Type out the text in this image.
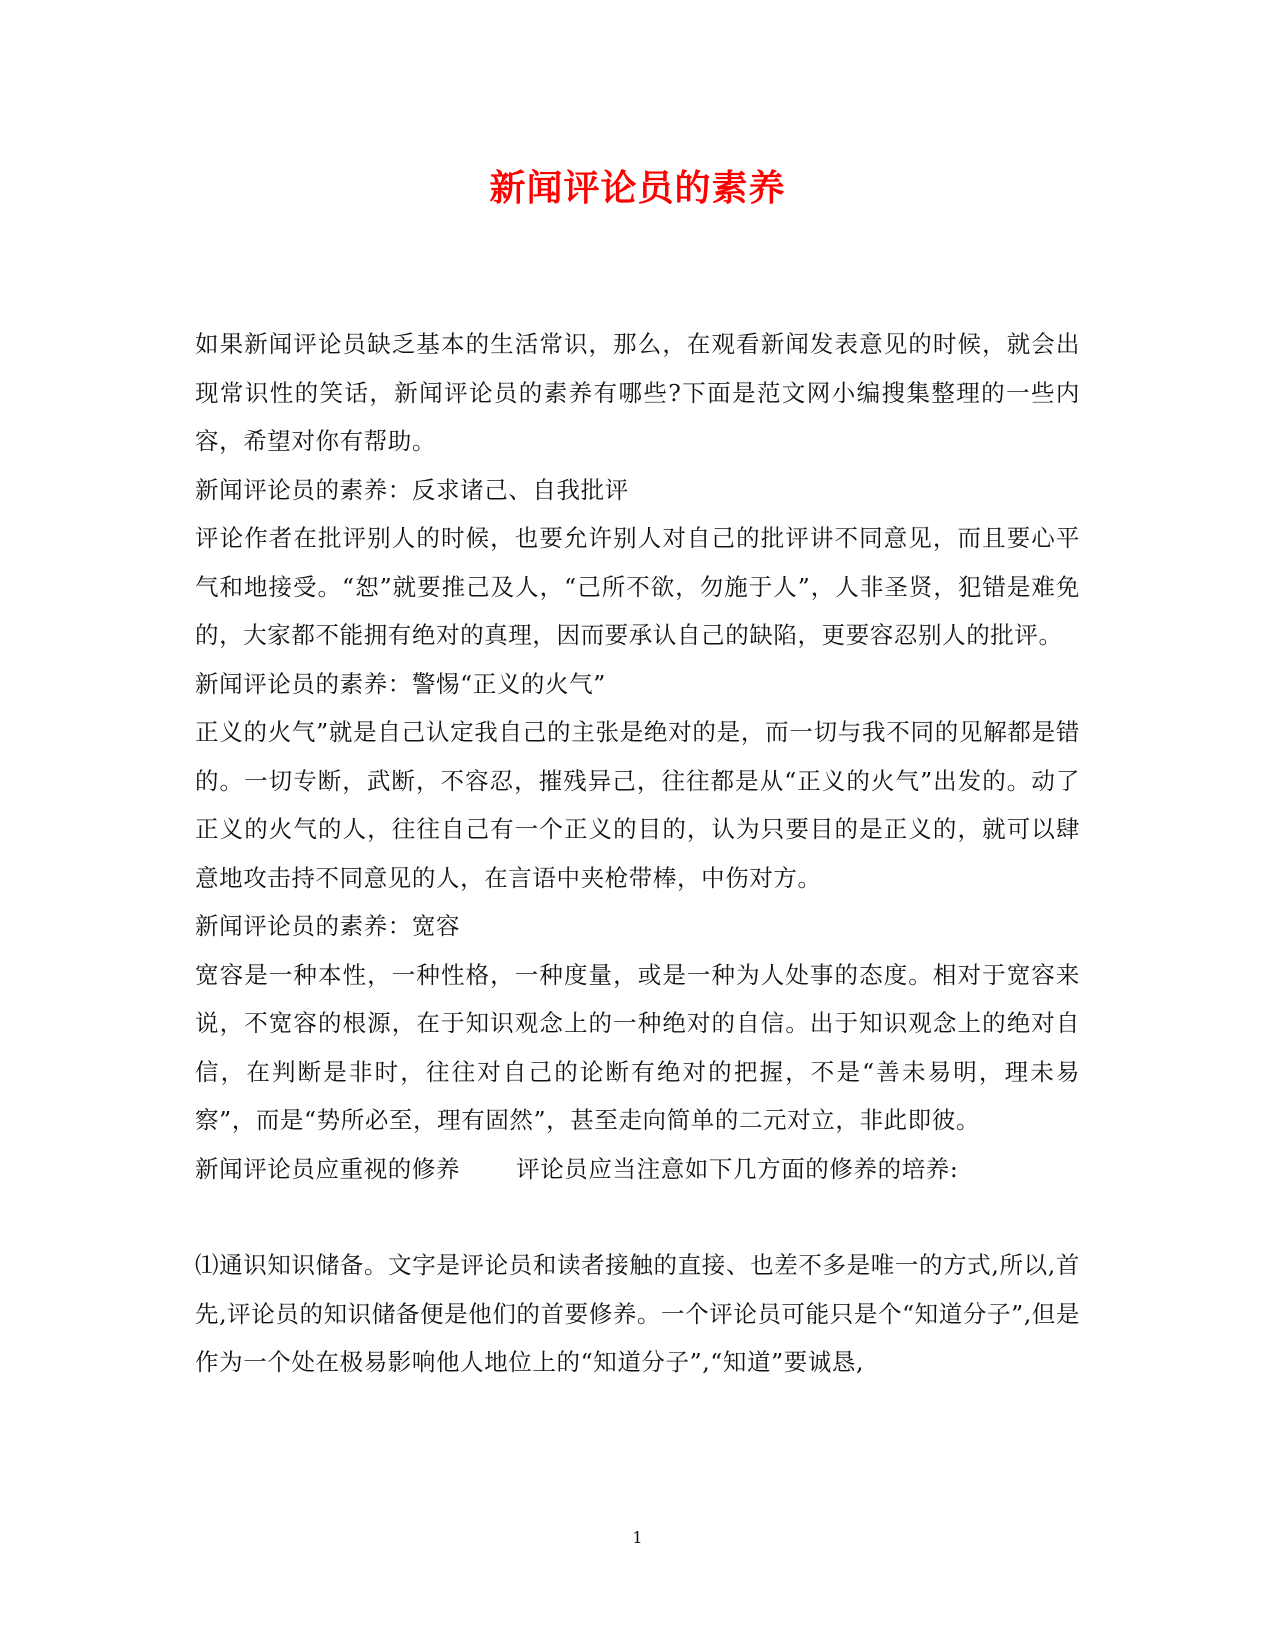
新闻评论员的素养

如果新闻评论员缺乏基本的生活常识，那么，在观看新闻发表意见的时候，就会出现常识性的笑话，新闻评论员的素养有哪些?下面是范文网小编搜集整理的一些内容，希望对你有帮助。

新闻评论员的素养：反求诸己、自我批评

评论作者在批评别人的时候，也要允许别人对自己的批评讲不同意见，而且要心平气和地接受。“恕”就要推己及人，“己所不欲，勿施于人”，人非圣贤，犯错是难免的，大家都不能拥有绝对的真理，因而要承认自己的缺陷，更要容忍别人的批评。

新闻评论员的素养：警惕“正义的火气”

正义的火气”就是自己认定我自己的主张是绝对的是，而一切与我不同的见解都是错的。一切专断，武断，不容忍，摧残异己，往往都是从“正义的火气”出发的。动了正义的火气的人，往往自己有一个正义的目的，认为只要目的是正义的，就可以肆意地攻击持不同意见的人，在言语中夹枪带棒，中伤对方。

新闻评论员的素养：宽容

宽容是一种本性，一种性格，一种度量，或是一种为人处事的态度。相对于宽容来说，不宽容的根源，在于知识观念上的一种绝对的自信。出于知识观念上的绝对自信，在判断是非时，往往对自己的论断有绝对的把握，不是“善未易明，理未易察”，而是“势所必至，理有固然”，甚至走向简单的二元对立，非此即彼。

新闻评论员应重视的修养 评论员应当注意如下几方面的修养的培养:

⑴通识知识储备。文字是评论员和读者接触的直接、也差不多是唯一的方式,所以,首先,评论员的知识储备便是他们的首要修养。一个评论员可能只是个“知道分子”,但是作为一个处在极易影响他人地位上的“知道分子”,“知道”要诚恳,

1
